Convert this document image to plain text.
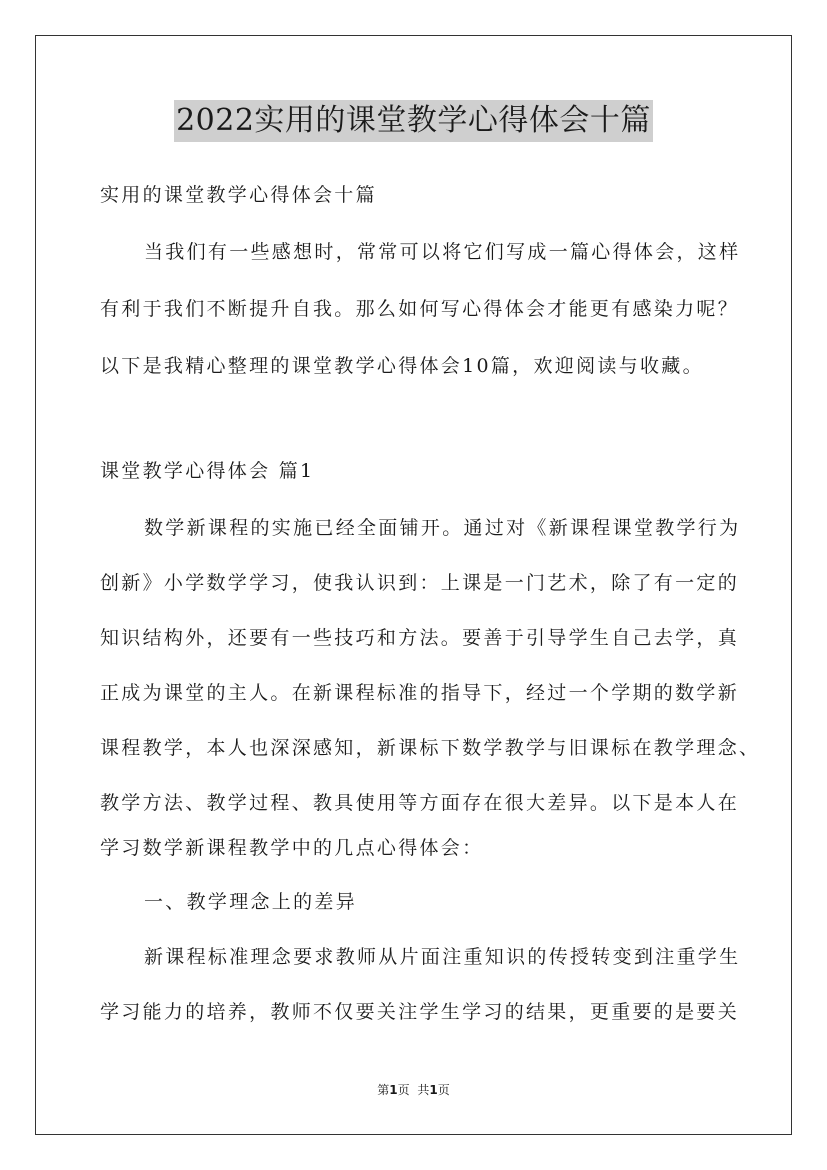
2022实用的课堂教学心得体会十篇
实用的课堂教学心得体会十篇
当我们有一些感想时，常常可以将它们写成一篇心得体会，这样
有利于我们不断提升自我。那么如何写心得体会才能更有感染力呢？
以下是我精心整理的课堂教学心得体会10篇，欢迎阅读与收藏。
课堂教学心得体会 篇1
数学新课程的实施已经全面铺开。通过对《新课程课堂教学行为
创新》小学数学学习，使我认识到：上课是一门艺术，除了有一定的
知识结构外，还要有一些技巧和方法。要善于引导学生自己去学，真
正成为课堂的主人。在新课程标准的指导下，经过一个学期的数学新
课程教学，本人也深深感知，新课标下数学教学与旧课标在教学理念、
教学方法、教学过程、教具使用等方面存在很大差异。以下是本人在
学习数学新课程教学中的几点心得体会：
一、教学理念上的差异
新课程标准理念要求教师从片面注重知识的传授转变到注重学生
学习能力的培养，教师不仅要关注学生学习的结果，更重要的是要关
第1页 共1页
